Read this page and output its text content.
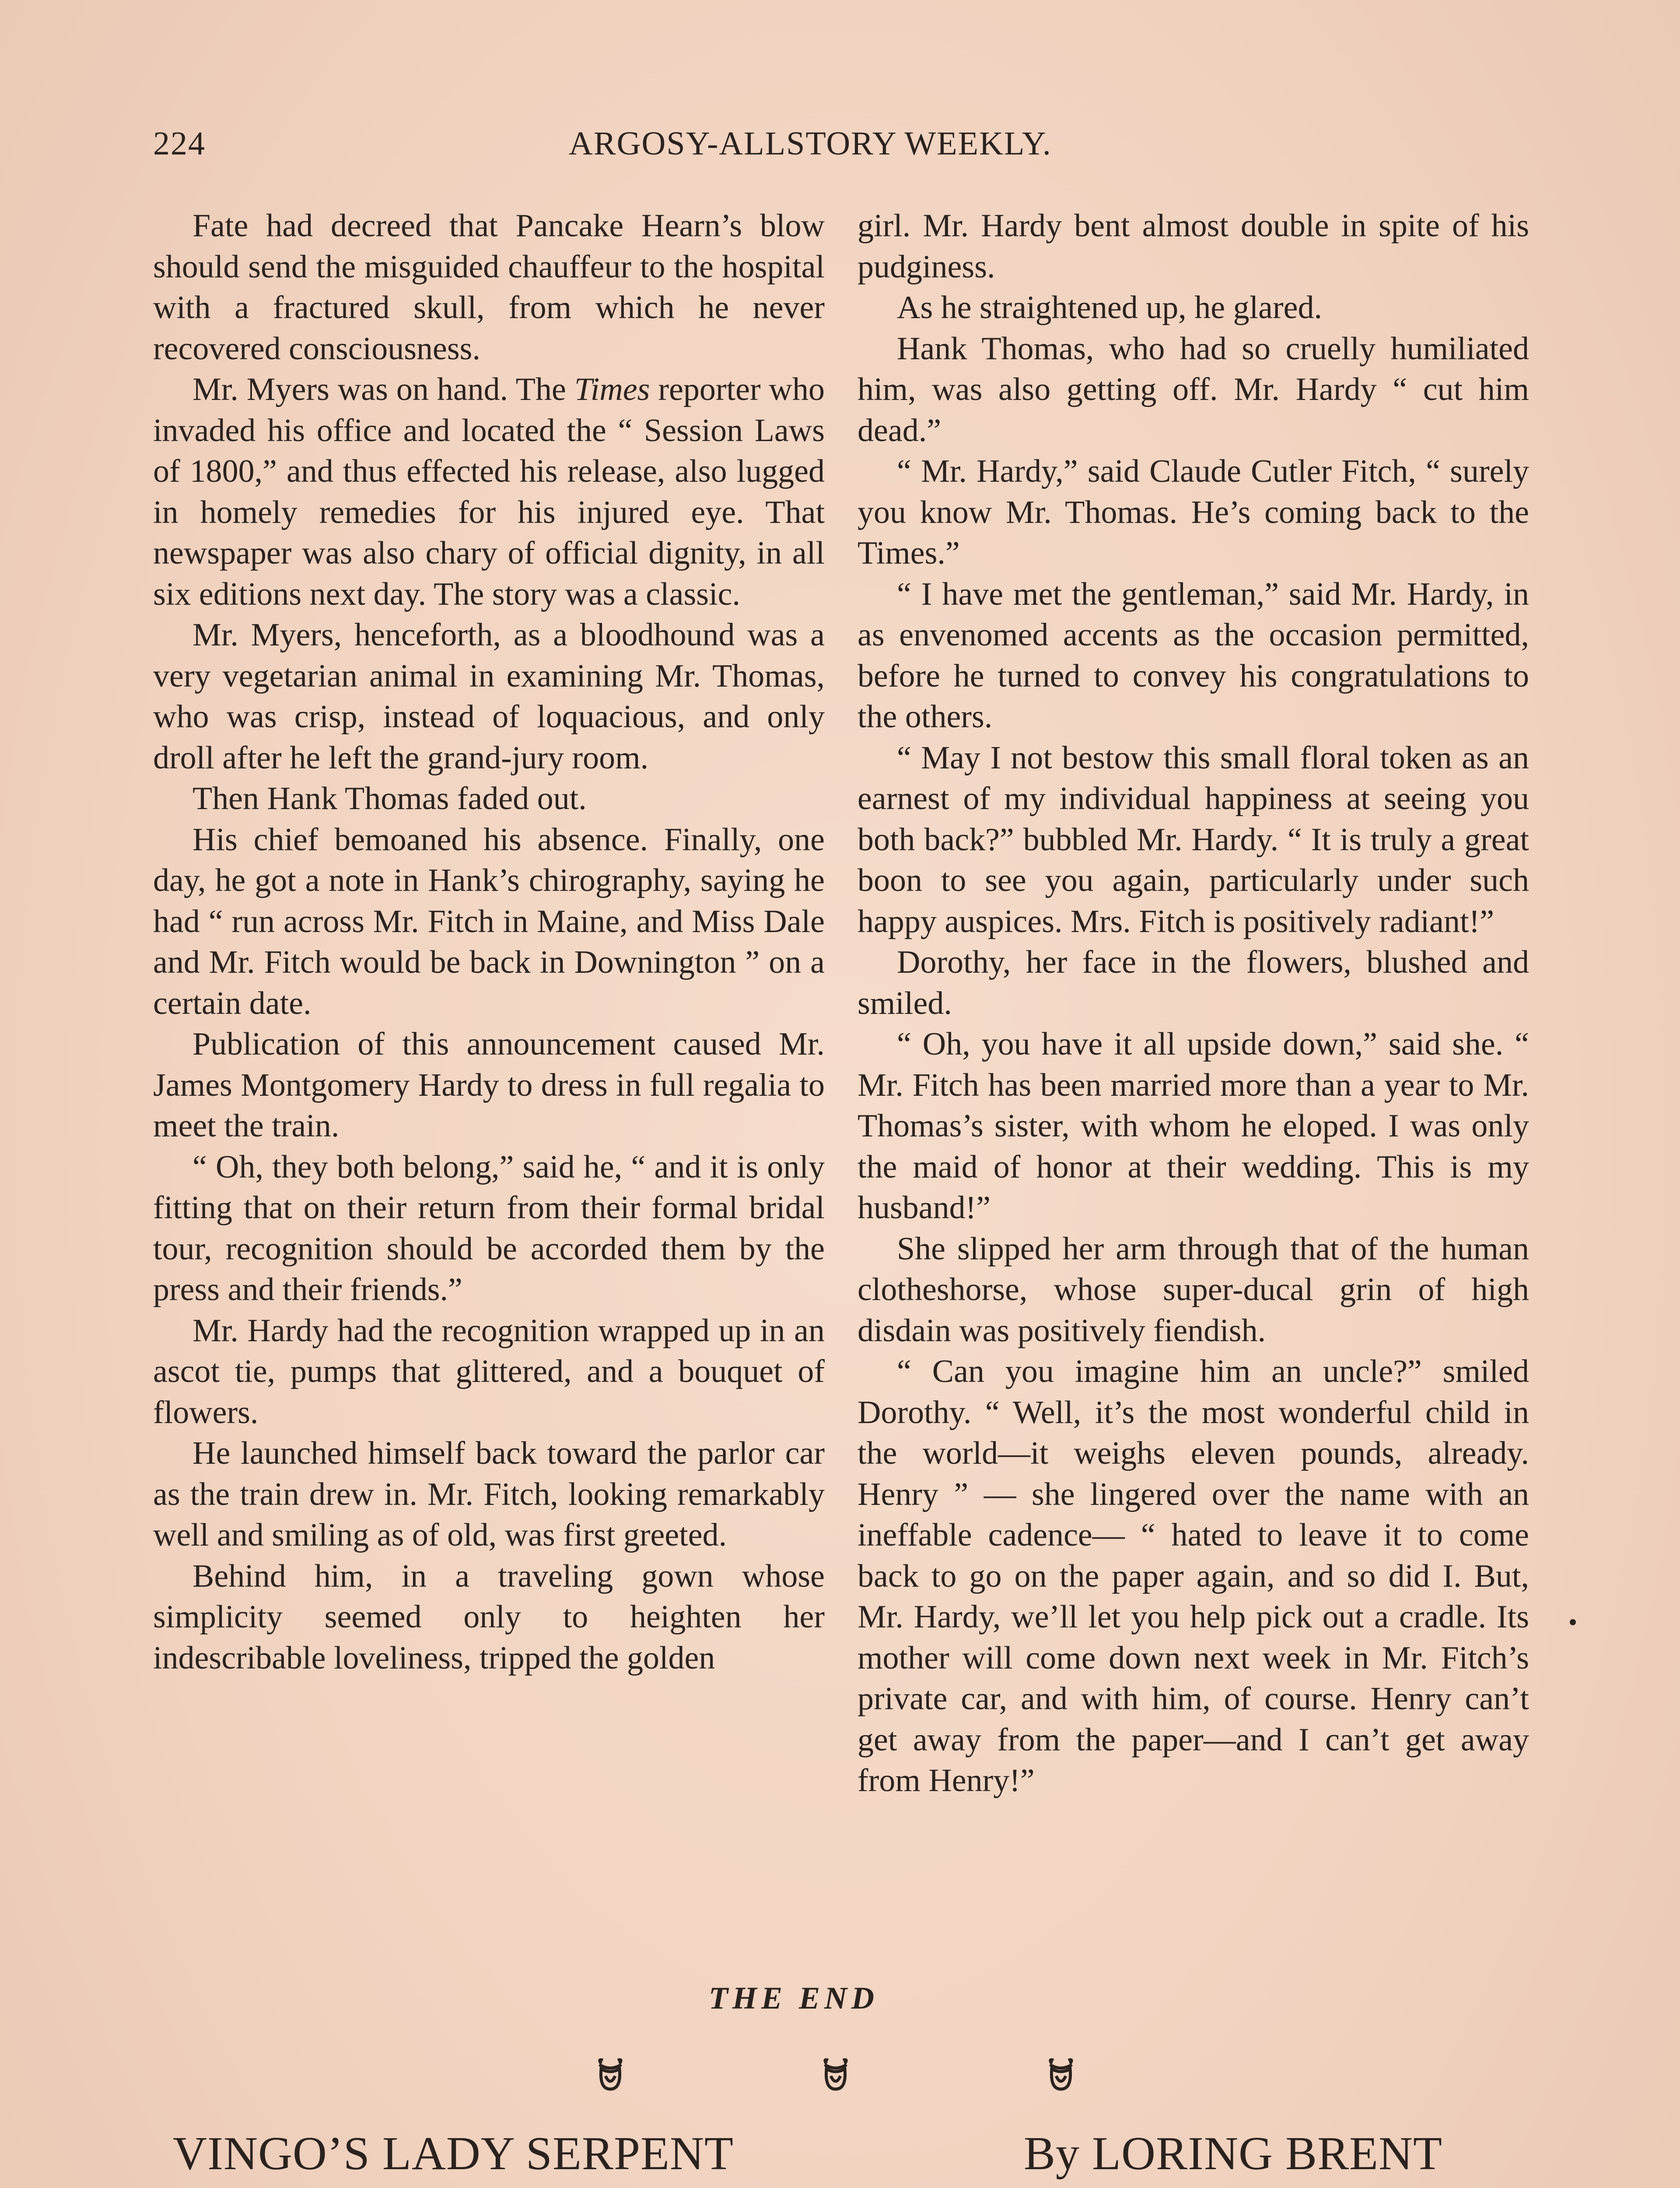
224	ARGOSY-ALLSTORY WEEKLY.

Fate had decreed that Pancake Hearn’s blow should send the misguided chauffeur to the hospital with a fractured skull, from which he never recovered consciousness.

Mr. Myers was on hand. The Times reporter who invaded his office and located the “ Session Laws of 1800,” and thus effected his release, also lugged in homely remedies for his injured eye. That newspaper was also chary of official dignity, in all six editions next day. The story was a classic.

Mr. Myers, henceforth, as a bloodhound was a very vegetarian animal in examining Mr. Thomas, who was crisp, instead of loquacious, and only droll after he left the grand-jury room.

Then Hank Thomas faded out.

His chief bemoaned his absence. Finally, one day, he got a note in Hank’s chirography, saying he had “ run across Mr. Fitch in Maine, and Miss Dale and Mr. Fitch would be back in Downington ” on a certain date.

Publication of this announcement caused Mr. James Montgomery Hardy to dress in full regalia to meet the train.

“ Oh, they both belong,” said he, “ and it is only fitting that on their return from their formal bridal tour, recognition should be accorded them by the press and their friends.”

Mr. Hardy had the recognition wrapped up in an ascot tie, pumps that glittered, and a bouquet of flowers.

He launched himself back toward the parlor car as the train drew in. Mr. Fitch, looking remarkably well and smiling as of old, was first greeted.

Behind him, in a traveling gown whose simplicity seemed only to heighten her indescribable loveliness, tripped the golden

girl. Mr. Hardy bent almost double in spite of his pudginess.

As he straightened up, he glared.

Hank Thomas, who had so cruelly humiliated him, was also getting off. Mr. Hardy “ cut him dead.”

“ Mr. Hardy,” said Claude Cutler Fitch, “ surely you know Mr. Thomas. He’s coming back to the Times.”

“ I have met the gentleman,” said Mr. Hardy, in as envenomed accents as the occasion permitted, before he turned to convey his congratulations to the others.

“ May I not bestow this small floral token as an earnest of my individual happiness at seeing you both back?” bubbled Mr. Hardy. “ It is truly a great boon to see you again, particularly under such happy auspices. Mrs. Fitch is positively radiant!”

Dorothy, her face in the flowers, blushed and smiled.

“ Oh, you have it all upside down,” said she. “ Mr. Fitch has been married more than a year to Mr. Thomas’s sister, with whom he eloped. I was only the maid of honor at their wedding. This is my husband!”

She slipped her arm through that of the human clotheshorse, whose super-ducal grin of high disdain was positively fiendish.

“ Can you imagine him an uncle?” smiled Dorothy. “ Well, it’s the most wonderful child in the world—it weighs eleven pounds, already. Henry ” — she lingered over the name with an ineffable cadence— “ hated to leave it to come back to go on the paper again, and so did I. But, Mr. Hardy, we’ll let you help pick out a cradle. Its mother will come down next week in Mr. Fitch’s private car, and with him, of course. Henry can’t get away from the paper—and I can’t get away from Henry!”

THE END
VINGO’S LADY SERPENT	By LORING BRENT
